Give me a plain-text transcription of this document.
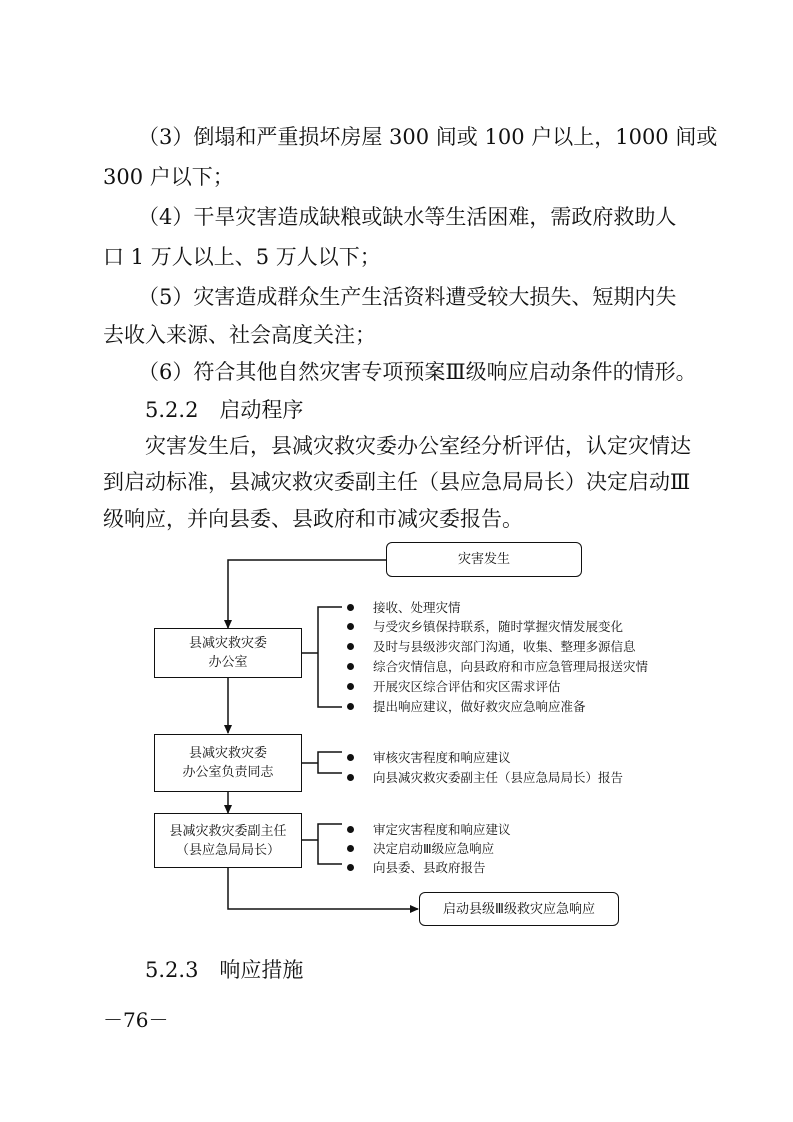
（3）倒塌和严重损坏房屋 300 间或 100 户以上，1000 间或
300 户以下；
（4）干旱灾害造成缺粮或缺水等生活困难，需政府救助人
口 1 万人以上、5 万人以下；
（5）灾害造成群众生产生活资料遭受较大损失、短期内失
去收入来源、社会高度关注；
（6）符合其他自然灾害专项预案Ⅲ级响应启动条件的情形。
5.2.2　启动程序
灾害发生后，县减灾救灾委办公室经分析评估，认定灾情达
到启动标准，县减灾救灾委副主任（县应急局局长）决定启动Ⅲ
级响应，并向县委、县政府和市减灾委报告。
灾害发生
县减灾救灾委
办公室
县减灾救灾委
办公室负责同志
县减灾救灾委副主任
（县应急局局长）
启动县级Ⅲ级救灾应急响应
接收、处理灾情
与受灾乡镇保持联系，随时掌握灾情发展变化
及时与县级涉灾部门沟通，收集、整理多源信息
综合灾情信息，向县政府和市应急管理局报送灾情
开展灾区综合评估和灾区需求评估
提出响应建议，做好救灾应急响应准备
审核灾害程度和响应建议
向县减灾救灾委副主任（县应急局局长）报告
审定灾害程度和响应建议
决定启动Ⅲ级应急响应
向县委、县政府报告
5.2.3　响应措施
－76－
